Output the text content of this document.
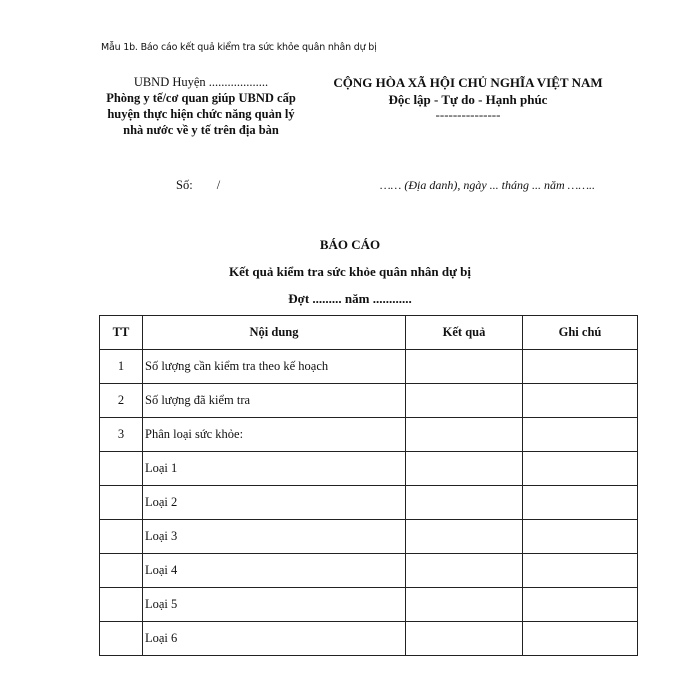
Mẫu 1b. Báo cáo kết quả kiểm tra sức khỏe quân nhân dự bị
UBND Huyện ...................
Phòng y tế/cơ quan giúp UBND cấp huyện thực hiện chức năng quản lý nhà nước về y tế trên địa bàn
CỘNG HÒA XÃ HỘI CHỦ NGHĨA VIỆT NAM
Độc lập - Tự do - Hạnh phúc
---------------
Số: /	…… (Địa danh), ngày ... tháng ... năm ……..
BÁO CÁO
Kết quả kiểm tra sức khỏe quân nhân dự bị
Đợt ......... năm ............
TT	Nội dung	Kết quả	Ghi chú
1	Số lượng cần kiểm tra theo kế hoạch		
2	Số lượng đã kiểm tra		
3	Phân loại sức khỏe:		
	Loại 1		
	Loại 2		
	Loại 3		
	Loại 4		
	Loại 5		
	Loại 6		
